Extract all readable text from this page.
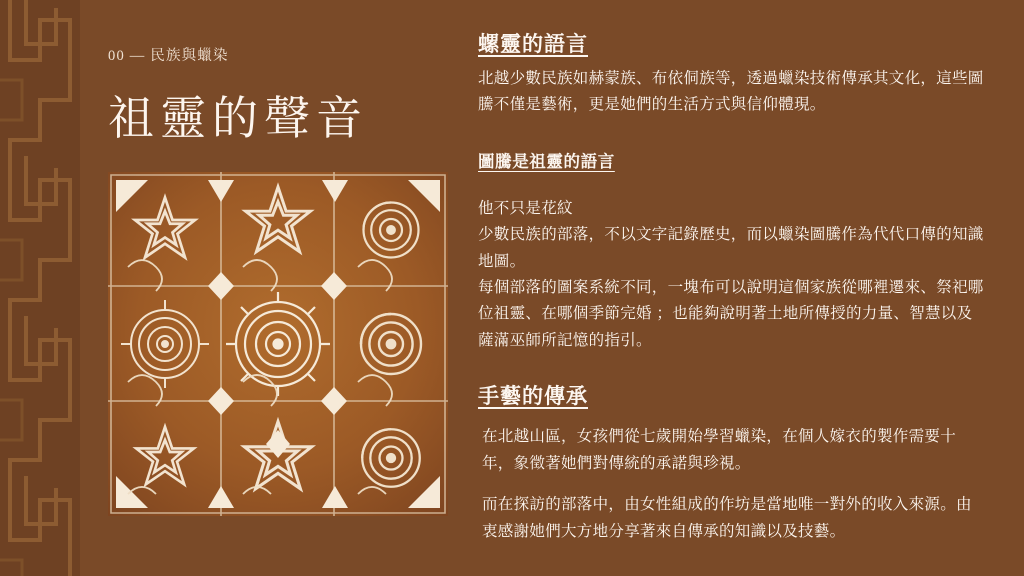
00 — 民族與蠟染
祖靈的聲音
螺靈的語言
北越少數民族如赫蒙族、布依侗族等，透過蠟染技術傳承其文化，這些圖騰不僅是藝術，更是她們的生活方式與信仰體現。
圖騰是祖靈的語言
他不只是花紋
少數民族的部落，不以文字記錄歷史，而以蠟染圖騰作為代代口傳的知識地圖。
每個部落的圖案系統不同，一塊布可以說明這個家族從哪裡遷來、祭祀哪位祖靈、在哪個季節完婚 ；也能夠說明著土地所傳授的力量、智慧以及薩滿巫師所記憶的指引。
手藝的傳承
在北越山區，女孩們從七歲開始學習蠟染，在個人嫁衣的製作需要十年，象徵著她們對傳統的承諾與珍視。
而在探訪的部落中，由女性組成的作坊是當地唯一對外的收入來源。由衷感謝她們大方地分享著來自傳承的知識以及技藝。
